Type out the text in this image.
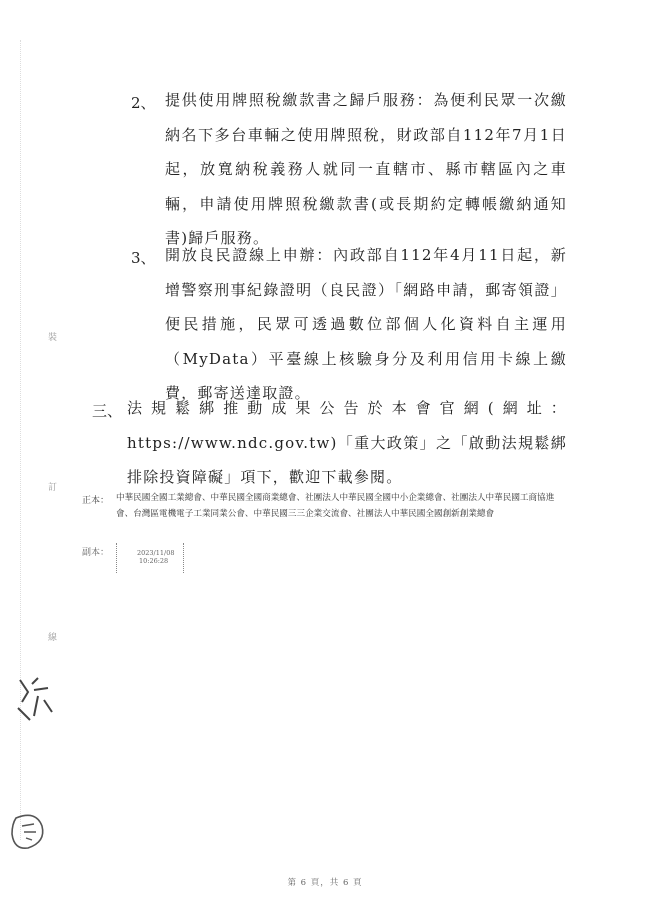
裝
訂
線
2、 提供使用牌照稅繳款書之歸戶服務：為便利民眾一次繳納名下多台車輛之使用牌照稅，財政部自112年7月1日起，放寬納稅義務人就同一直轄市、縣市轄區內之車輛，申請使用牌照稅繳款書(或長期約定轉帳繳納通知書)歸戶服務。
3、 開放良民證線上申辦：內政部自112年4月11日起，新增警察刑事紀錄證明（良民證）「網路申請，郵寄領證」便民措施，民眾可透過數位部個人化資料自主運用（MyData）平臺線上核驗身分及利用信用卡線上繳費，郵寄送達取證。
三、 法規鬆綁推動成果公告於本會官網(網址：https://www.ndc.gov.tw)「重大政策」之「啟動法規鬆綁排除投資障礙」項下，歡迎下載參閱。
正本： 中華民國全國工業總會、中華民國全國商業總會、社團法人中華民國全國中小企業總會、社團法人中華民國工商協進會、台灣區電機電子工業同業公會、中華民國三三企業交流會、社團法人中華民國全國創新創業總會
副本：	2023/11/08
10:26:28
第 6 頁，共 6 頁
